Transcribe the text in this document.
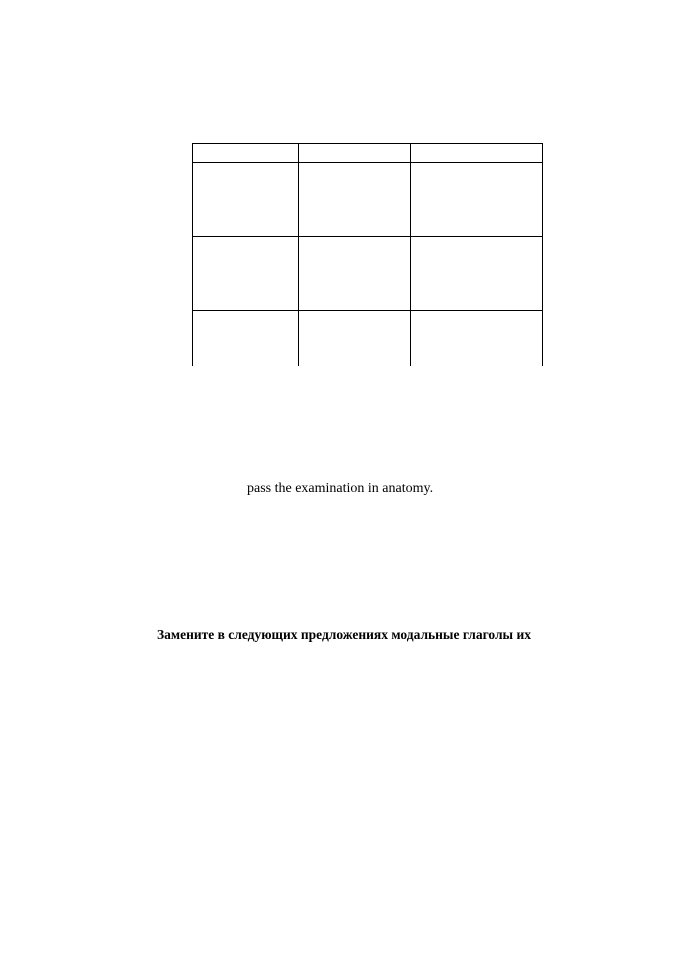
pass the examination in anatomy.
Замените в следующих предложениях модальные глаголы их
